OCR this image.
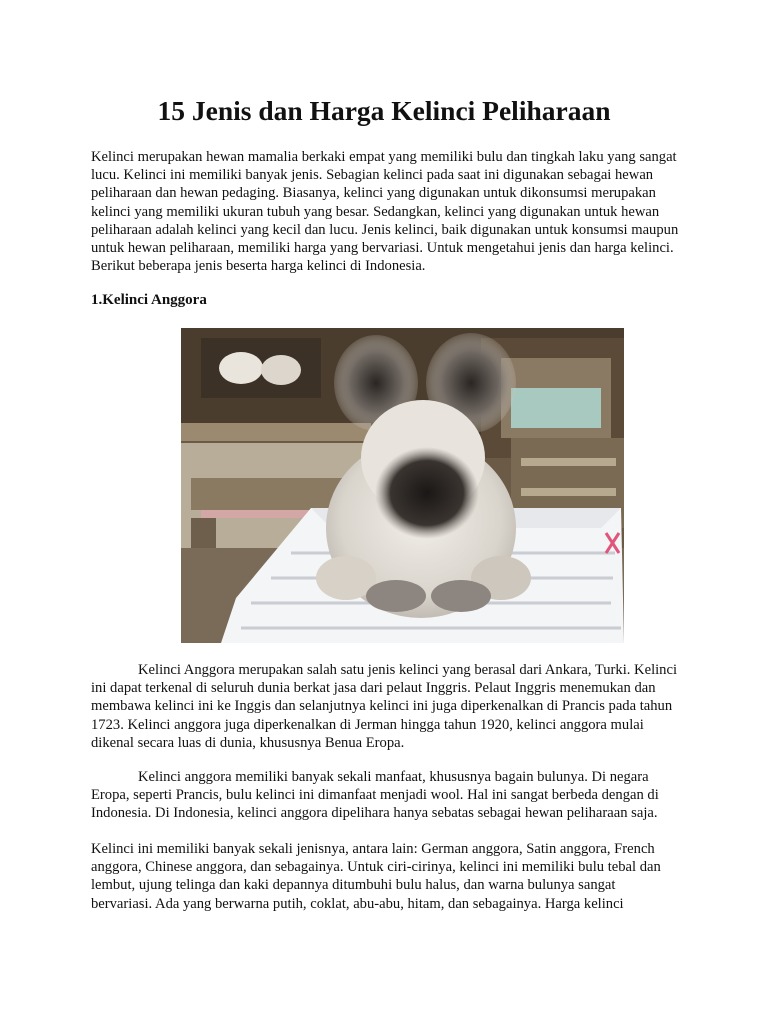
15 Jenis dan Harga Kelinci Peliharaan

Kelinci merupakan hewan mamalia berkaki empat yang memiliki bulu dan tingkah laku yang sangat lucu. Kelinci ini memiliki banyak jenis. Sebagian kelinci pada saat ini digunakan sebagai hewan peliharaan dan hewan pedaging. Biasanya, kelinci yang digunakan untuk dikonsumsi merupakan kelinci yang memiliki ukuran tubuh yang besar. Sedangkan, kelinci yang digunakan untuk hewan peliharaan adalah kelinci yang kecil dan lucu. Jenis kelinci, baik digunakan untuk konsumsi maupun untuk hewan peliharaan, memiliki harga yang bervariasi. Untuk mengetahui jenis dan harga kelinci. Berikut beberapa jenis beserta harga kelinci di Indonesia.

1.Kelinci Anggora

Kelinci Anggora merupakan salah satu jenis kelinci yang berasal dari Ankara, Turki. Kelinci ini dapat terkenal di seluruh dunia berkat jasa dari pelaut Inggris. Pelaut Inggris menemukan dan membawa kelinci ini ke Inggis dan selanjutnya kelinci ini juga diperkenalkan di Prancis pada tahun 1723. Kelinci anggora juga diperkenalkan di Jerman hingga tahun 1920, kelinci anggora mulai dikenal secara luas di dunia, khususnya Benua Eropa.

Kelinci anggora memiliki banyak sekali manfaat, khususnya bagain bulunya. Di negara Eropa, seperti Prancis, bulu kelinci ini dimanfaat menjadi wool. Hal ini sangat berbeda dengan di Indonesia. Di Indonesia, kelinci anggora dipelihara hanya sebatas sebagai hewan peliharaan saja.

Kelinci ini memiliki banyak sekali jenisnya, antara lain: German anggora, Satin anggora, French anggora, Chinese anggora, dan sebagainya. Untuk ciri-cirinya, kelinci ini memiliki bulu tebal dan lembut, ujung telinga dan kaki depannya ditumbuhi bulu halus, dan warna bulunya sangat bervariasi. Ada yang berwarna putih, coklat, abu-abu, hitam, dan sebagainya. Harga kelinci
